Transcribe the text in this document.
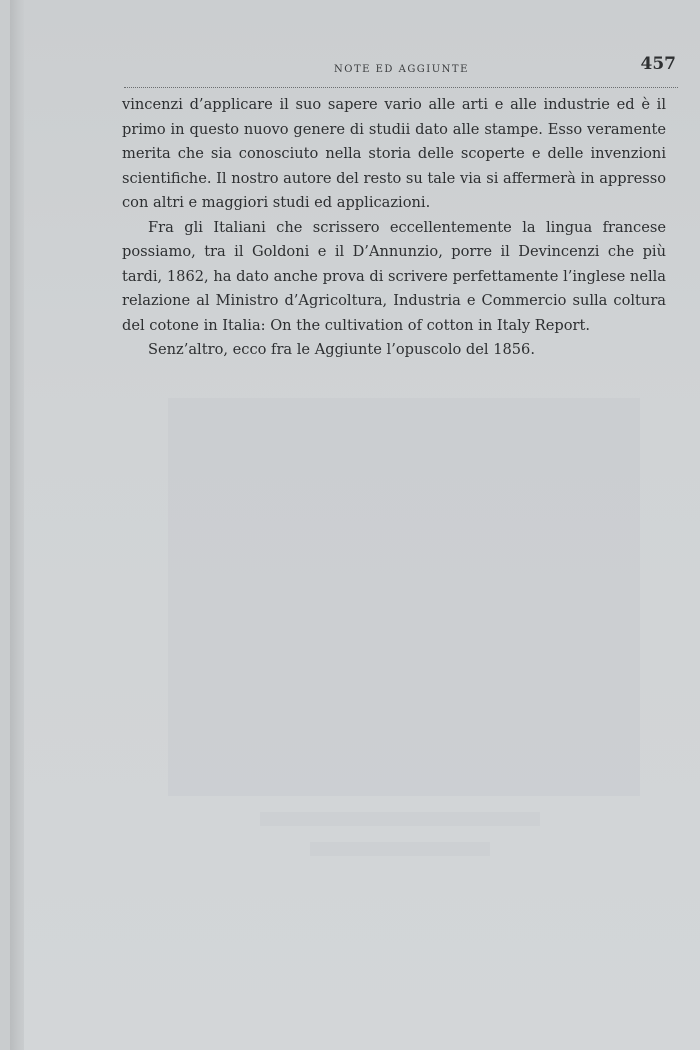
NOTE ED AGGIUNTE	457

vincenzi d’applicare il suo sapere vario alle arti e alle industrie ed è il primo in questo nuovo genere di studii dato alle stampe. Esso veramente merita che sia conosciuto nella storia delle scoperte e delle invenzioni scientifiche. Il nostro autore del resto su tale via si affermerà in appresso con altri e maggiori studi ed applicazioni.

Fra gli Italiani che scrissero eccellentemente la lingua francese possiamo, tra il Goldoni e il D’Annunzio, porre il Devincenzi che più tardi, 1862, ha dato anche prova di scrivere perfettamente l’inglese nella relazione al Ministro d’Agricoltura, Industria e Commercio sulla coltura del cotone in Italia: On the cultivation of cotton in Italy Report.

Senz’altro, ecco fra le Aggiunte l’opuscolo del 1856.
